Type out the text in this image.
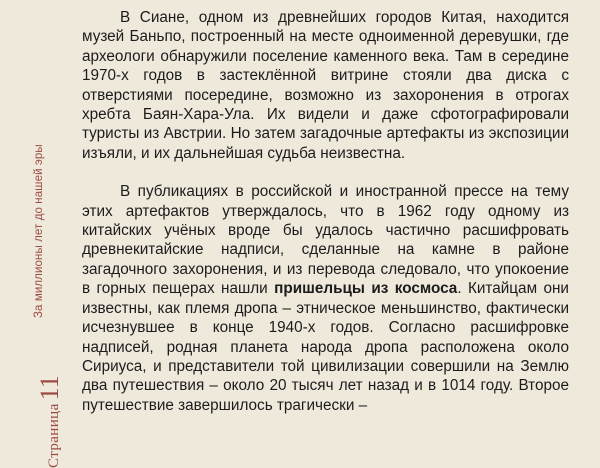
За миллионы лет до нашей эры
Страница11

В Сиане, одном из древнейших городов Китая, находится музей Баньпо, построенный на месте одноименной деревушки, где археологи обнаружили поселение каменного века. Там в середине 1970-х годов в застеклённой витрине стояли два диска с отверстиями посередине, возможно из захоронения в отрогах хребта Баян-Хара-Ула. Их видели и даже сфотографировали туристы из Австрии. Но затем загадочные артефакты из экспозиции изъяли, и их дальнейшая судьба неизвестна.

В публикациях в российской и иностранной прессе на тему этих артефактов утверждалось, что в 1962 году одному из китайских учёных вроде бы удалось частично расшифровать древнекитайские надписи, сделанные на камне в районе загадочного захоронения, и из перевода следовало, что упокоение в горных пещерах нашли пришельцы из космоса. Китайцам они известны, как племя дропа – этническое меньшинство, фактически исчезнувшее в конце 1940-х годов. Согласно расшифровке надписей, родная планета народа дропа расположена около Сириуса, и представители той цивилизации совершили на Землю два путешествия – около 20 тысяч лет назад и в 1014 году. Второе путешествие завершилось трагически –
